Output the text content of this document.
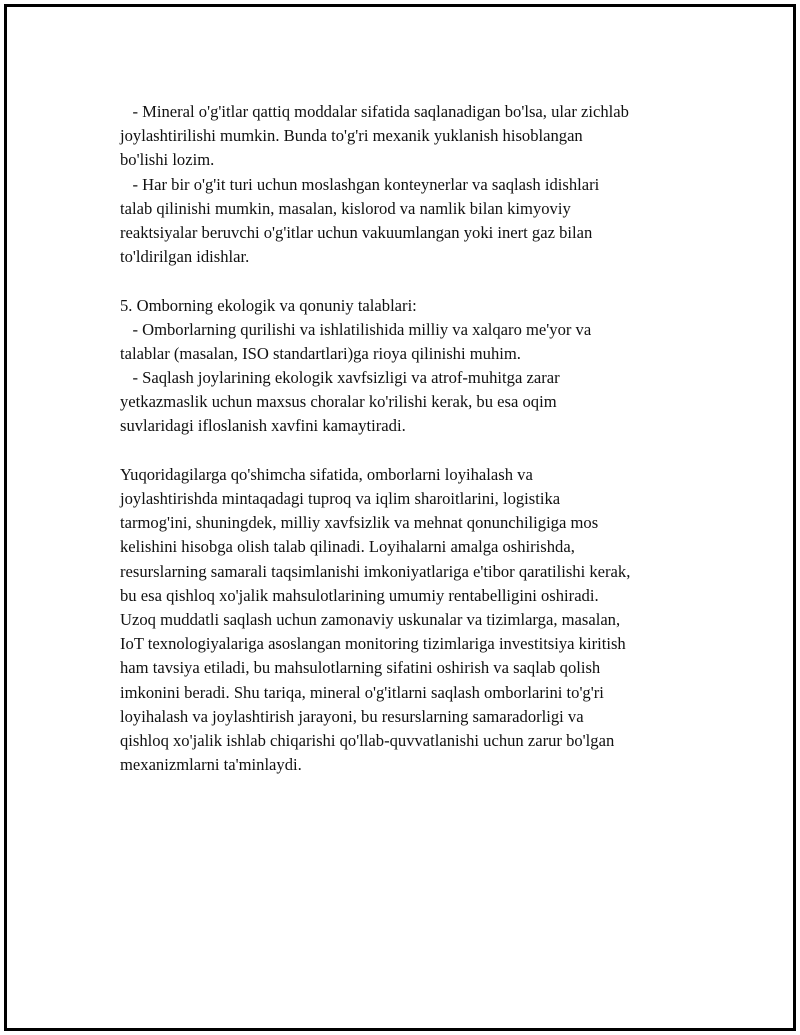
- Mineral o'g'itlar qattiq moddalar sifatida saqlanadigan bo'lsa, ular zichlab
joylashtirilishi mumkin. Bunda to'g'ri mexanik yuklanish hisoblangan
bo'lishi lozim.
- Har bir o'g'it turi uchun moslashgan konteynerlar va saqlash idishlari
talab qilinishi mumkin, masalan, kislorod va namlik bilan kimyoviy
reaktsiyalar beruvchi o'g'itlar uchun vakuumlangan yoki inert gaz bilan
to'ldirilgan idishlar.
5. Omborning ekologik va qonuniy talablari:
- Omborlarning qurilishi va ishlatilishida milliy va xalqaro me'yor va
talablar (masalan, ISO standartlari)ga rioya qilinishi muhim.
- Saqlash joylarining ekologik xavfsizligi va atrof-muhitga zarar
yetkazmaslik uchun maxsus choralar ko'rilishi kerak, bu esa oqim
suvlaridagi ifloslanish xavfini kamaytiradi.
Yuqoridagilarga qo'shimcha sifatida, omborlarni loyihalash va
joylashtirishda mintaqadagi tuproq va iqlim sharoitlarini, logistika
tarmog'ini, shuningdek, milliy xavfsizlik va mehnat qonunchiligiga mos
kelishini hisobga olish talab qilinadi. Loyihalarni amalga oshirishda,
resurslarning samarali taqsimlanishi imkoniyatlariga e'tibor qaratilishi kerak,
bu esa qishloq xo'jalik mahsulotlarining umumiy rentabelligini oshiradi.
Uzoq muddatli saqlash uchun zamonaviy uskunalar va tizimlarga, masalan,
IoT texnologiyalariga asoslangan monitoring tizimlariga investitsiya kiritish
ham tavsiya etiladi, bu mahsulotlarning sifatini oshirish va saqlab qolish
imkonini beradi. Shu tariqa, mineral o'g'itlarni saqlash omborlarini to'g'ri
loyihalash va joylashtirish jarayoni, bu resurslarning samaradorligi va
qishloq xo'jalik ishlab chiqarishi qo'llab-quvvatlanishi uchun zarur bo'lgan
mexanizmlarni ta'minlaydi.
